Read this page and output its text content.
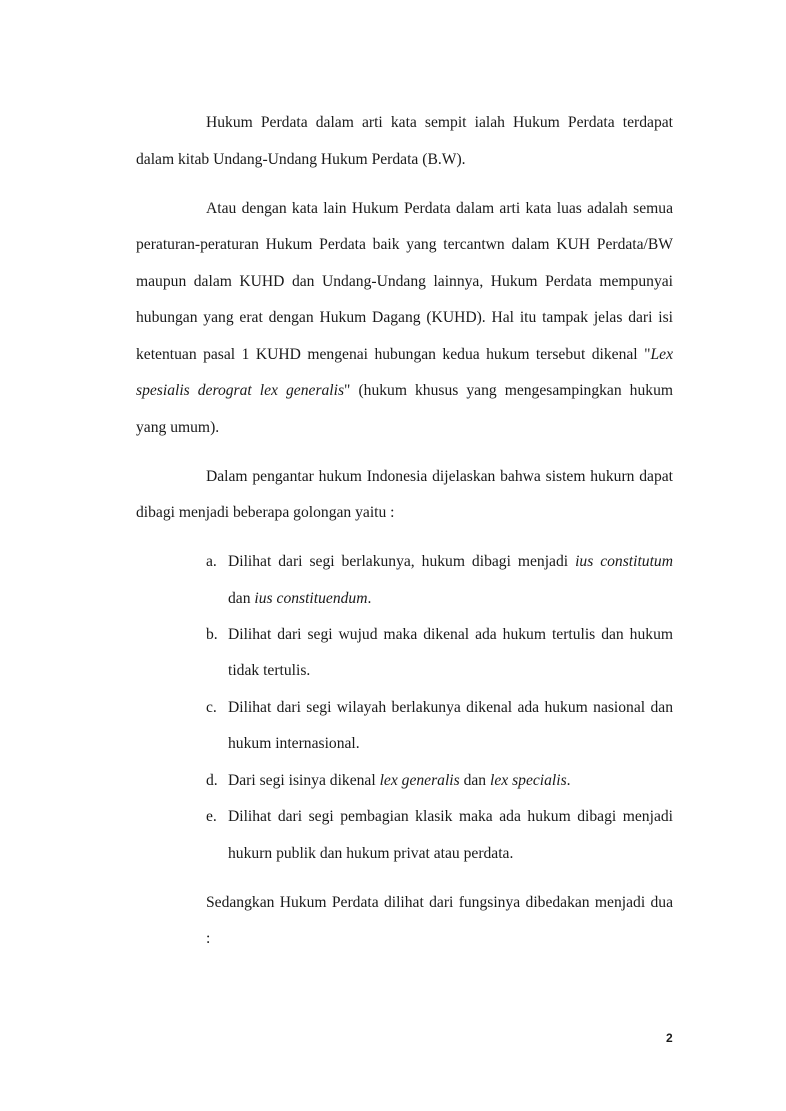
Hukum Perdata dalam arti kata sempit ialah Hukum Perdata terdapat
dalam kitab Undang-Undang Hukum Perdata (B.W).
Atau dengan kata lain Hukum Perdata dalam arti kata luas adalah semua
peraturan-peraturan Hukum Perdata baik yang tercantwn dalam KUH Perdata/BW
maupun dalam KUHD dan Undang-Undang lainnya, Hukum Perdata mempunyai
hubungan yang erat dengan Hukum Dagang (KUHD). Hal itu tampak jelas dari isi
ketentuan pasal 1 KUHD mengenai hubungan kedua hukum tersebut dikenal "Lex
spesialis derograt lex generalis" (hukum khusus yang mengesampingkan hukum
yang umum).
Dalam pengantar hukum Indonesia dijelaskan bahwa sistem hukurn dapat
dibagi menjadi beberapa golongan yaitu :
a. Dilihat dari segi berlakunya, hukum dibagi menjadi ius constitutum
dan ius constituendum.
b. Dilihat dari segi wujud maka dikenal ada hukum tertulis dan hukum
tidak tertulis.
c. Dilihat dari segi wilayah berlakunya dikenal ada hukum nasional dan
hukum internasional.
d. Dari segi isinya dikenal lex generalis dan lex specialis.
e. Dilihat dari segi pembagian klasik maka ada hukum dibagi menjadi
hukurn publik dan hukum privat atau perdata.
Sedangkan Hukum Perdata dilihat dari fungsinya dibedakan menjadi dua
:
2
